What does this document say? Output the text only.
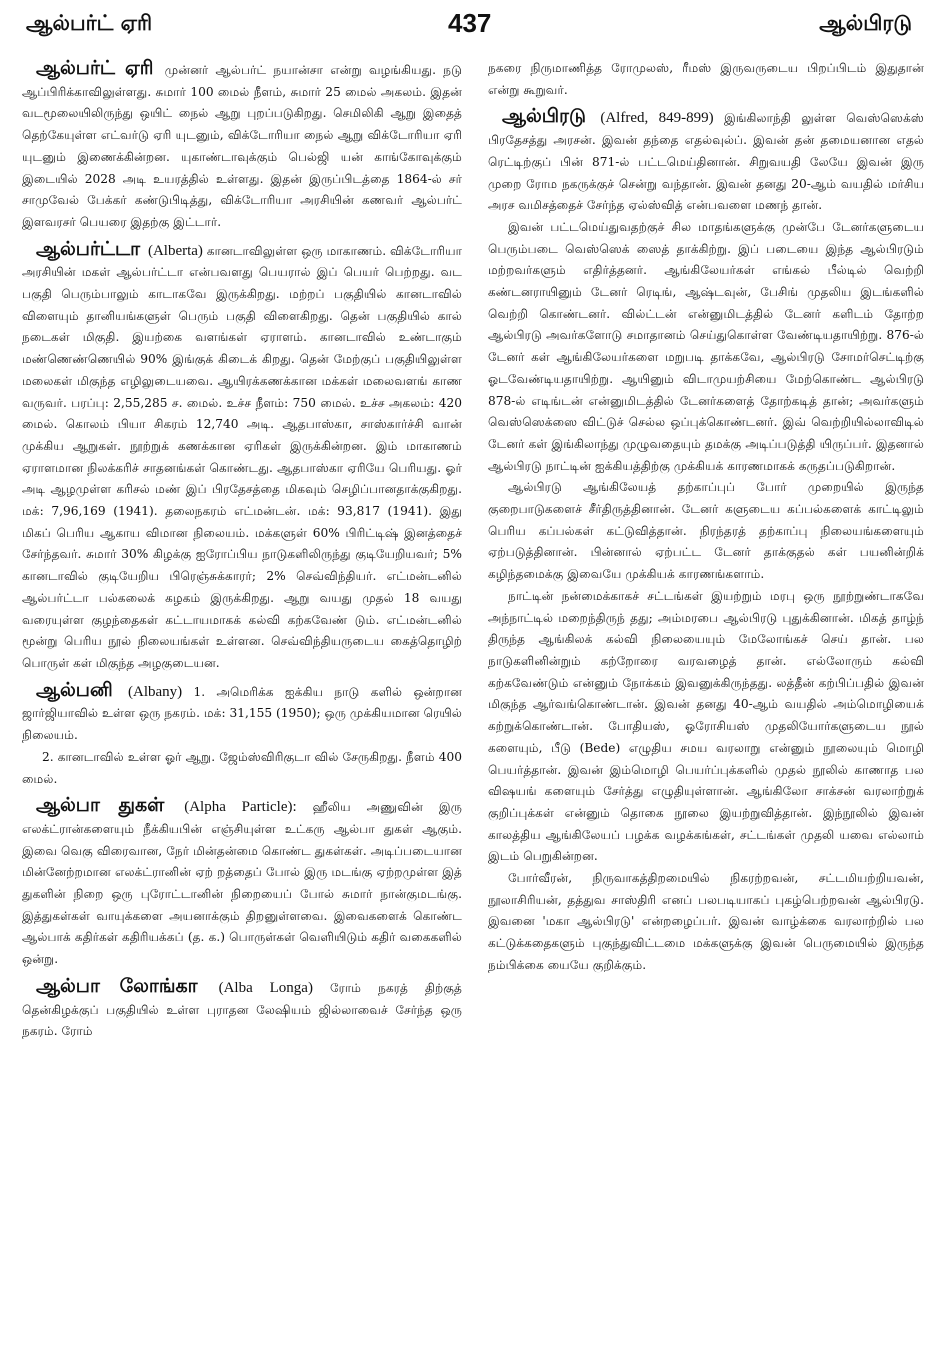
ஆல்பர்ட் ஏரி	437	ஆல்பிரடு

ஆல்பர்ட் ஏரி முன்னர் ஆல்பர்ட் நயான்சா என்று வழங்கியது. நடு ஆப்பிரிக்காவிலுள்ளது. சுமார் 100 மைல் நீளம், சுமார் 25 மைல் அகலம். இதன் வடமூலையிலிருந்து ஒயிட் நைல் ஆறு புறப்படுகிறது. செமிலிகி ஆறு இதைத் தெற்கேயுள்ள எட்வர்டு ஏரி யுடனும், விக்டோரியா நைல் ஆறு விக்டோரியா ஏரி யுடனும் இணைக்கின்றன. யுகாண்டாவுக்கும் பெல்ஜி யன் காங்கோவுக்கும் இடையில் 2028 அடி உயரத்தில் உள்ளது. இதன் இருப்பிடத்தை 1864-ல் சர் சாமுவேல் பேக்கர் கண்டுபிடித்து, விக்டோரியா அரசியின் கணவர் ஆல்பர்ட் இளவரசர் பெயரை இதற்கு இட்டார்.

ஆல்பர்ட்டா (Alberta) கானடாவிலுள்ள ஒரு மாகாணம். விக்டோரியா அரசியின் மகள் ஆல்பர்ட்டா என்பவளது பெயரால் இப் பெயர் பெற்றது. வட பகுதி பெரும்பாலும் காடாகவே இருக்கிறது. மற்றப் பகுதியில் கானடாவில் விளையும் தானியங்களுள் பெரும் பகுதி விளைகிறது. தென் பகுதியில் கால் நடைகள் மிகுதி. இயற்கை வளங்கள் ஏராளம். கானடாவில் உண்டாகும் மண்ணெண்ணெயில் 90% இங்குக் கிடைக் கிறது. தென் மேற்குப் பகுதியிலுள்ள மலைகள் மிகுந்த எழிலுடையவை. ஆயிரக்கணக்கான மக்கள் மலைவளங் காண வருவர். பரப்பு: 2,55,285 ச. மைல். உச்ச நீளம்: 750 மைல். உச்ச அகலம்: 420 மைல். கொலம் பியா சிகரம் 12,740 அடி. ஆதபாஸ்கா, சாஸ்கார்ச்சி வான் முக்கிய ஆறுகள். நூற்றுக் கணக்கான ஏரிகள் இருக்கின்றன. இம் மாகாணம் ஏராளமான நிலக்கரிச் சாதனங்கள் கொண்டது. ஆதபாஸ்கா ஏரியே பெரியது. ஓர் அடி ஆழமுள்ள கரிசல் மண் இப் பிரதேசத்தை மிகவும் செழிப்பானதாக்குகிறது. மக்: 7,96,169 (1941). தலைநகரம் எட்மன்டன். மக்: 93,817 (1941). இது மிகப் பெரிய ஆகாய விமான நிலையம். மக்களுள் 60% பிரிட்டிஷ் இனத்தைச் சேர்ந்தவர். சுமார் 30% கிழக்கு ஐரோப்பிய நாடுகளிலிருந்து குடியேறியவர்; 5% கானடாவில் குடியேறிய பிரெஞ்சுக்காரர்; 2% செவ்விந்தியர். எட்மன்டனில் ஆல்பர்ட்டா பல்கலைக் கழகம் இருக்கிறது. ஆறு வயது முதல் 18 வயது வரையுள்ள குழந்தைகள் கட்டாயமாகக் கல்வி கற்கவேண் டும். எட்மன்டனில் மூன்று பெரிய நூல் நிலையங்கள் உள்ளன. செவ்விந்தியருடைய கைத்தொழிற் பொருள் கள் மிகுந்த அழகுடையன.

ஆல்பனி (Albany) 1. அமெரிக்க ஐக்கிய நாடு களில் ஒன்றான ஜார்ஜியாவில் உள்ள ஒரு நகரம். மக்: 31,155 (1950); ஒரு முக்கியமான ரெயில் நிலையம்.

2. கானடாவில் உள்ள ஓர் ஆறு. ஜேம்ஸ்விரிகுடா வில் சேருகிறது. நீளம் 400 மைல்.

ஆல்பா துகள் (Alpha Particle): ஹீலிய அணுவின் இரு எலக்ட்ரான்களையும் நீக்கியபின் எஞ்சியுள்ள உட்கரு ஆல்பா துகள் ஆகும். இவை வெகு விரைவான, நேர் மின்தன்மை கொண்ட துகள்கள். அடிப்படையான மின்னேற்றமான எலக்ட்ரானின் ஏற் றத்தைப் போல் இரு மடங்கு ஏற்றமுள்ள இத் துகளின் நிறை ஒரு புரோட்டானின் நிறையைப் போல் சுமார் நான்குமடங்கு. இத்துகள்கள் வாயுக்களை அயனாக்கும் திறனுள்ளவை. இவைகளைக் கொண்ட ஆல்பாக் கதிர்கள் கதிரியக்கப் (த. க.) பொருள்கள் வெளியிடும் கதிர் வகைகளில் ஒன்று.

ஆல்பா லோங்கா (Alba Longa) ரோம் நகரத் திற்குத் தென்கிழக்குப் பகுதியில் உள்ள புராதன லேஷியம் ஜில்லாவைச் சேர்ந்த ஒரு நகரம். ரோம்

நகரை நிருமாணித்த ரோமுலஸ், ரீமஸ் இருவருடைய பிறப்பிடம் இதுதான் என்று கூறுவர்.

ஆல்பிரடு (Alfred, 849-899) இங்கிலாந்தி லுள்ள வெஸ்ஸெக்ஸ் பிரதேசத்து அரசன். இவன் தந்தை எதல்வுல்ப். இவன் தன் தமையனான எதல் ரெட்டிற்குப் பின் 871-ல் பட்டமெய்தினான். சிறுவயதி லேயே இவன் இரு முறை ரோம நகருக்குச் சென்று வந்தான். இவன் தனது 20-ஆம் வயதில் மர்சிய அரச வமிசத்தைச் சேர்ந்த ஏல்ஸ்வித் என்பவளை மணந் தான்.

இவன் பட்டமெய்துவதற்குச் சில மாதங்களுக்கு முன்பே டேனர்களுடைய பெரும்படை வெஸ்ஸெக் ஸைத் தாக்கிற்று. இப் படையை இந்த ஆல்பிரடும் மற்றவர்களும் எதிர்த்தனர். ஆங்கிலேயர்கள் எங்கல் பீல்டில் வெற்றி கண்டனராயினும் டேனர் ரெடிங், ஆஷ்டவுன், பேசிங் முதலிய இடங்களில் வெற்றி கொண்டனர். வில்ட்டன் என்னுமிடத்தில் டேனர் களிடம் தோற்ற ஆல்பிரடு அவர்களோடு சமாதானம் செய்துகொள்ள வேண்டியதாயிற்று. 876-ல் டேனர் கள் ஆங்கிலேயர்களை மறுபடி தாக்கவே, ஆல்பிரடு சோமர்செட்டிற்கு ஓடவேண்டியதாயிற்று. ஆயினும் விடாமுயற்சியை மேற்கொண்ட ஆல்பிரடு 878-ல் எடிங்டன் என்னுமிடத்தில் டேனர்களைத் தோற்கடித் தான்; அவர்களும் வெஸ்ஸெக்ஸை விட்டுச் செல்ல ஒப்புக்கொண்டனர். இவ் வெற்றியில்லாவிடில் டேனர் கள் இங்கிலாந்து முழுவதையும் தமக்கு அடிப்படுத்தி யிருப்பர். இதனால் ஆல்பிரடு நாட்டின் ஐக்கியத்திற்கு முக்கியக் காரணமாகக் கருதப்படுகிறான்.

ஆல்பிரடு ஆங்கிலேயத் தற்காப்புப் போர் முறையில் இருந்த குறைபாடுகளைச் சீர்திருத்தினான். டேனர் களுடைய கப்பல்களைக் காட்டிலும் பெரிய கப்பல்கள் கட்டுவித்தான். நிரந்தரத் தற்காப்பு நிலையங்களையும் ஏற்படுத்தினான். பின்னால் ஏற்பட்ட டேனர் தாக்குதல் கள் பயனின்றிக் கழிந்தமைக்கு இவையே முக்கியக் காரணங்களாம்.

நாட்டின் நன்மைக்காகச் சட்டங்கள் இயற்றும் மரபு ஒரு நூற்றுண்டாகவே அந்நாட்டில் மறைந்திருந் தது; அம்மரபை ஆல்பிரடு புதுக்கினான். மிகத் தாழ்ந் திருந்த ஆங்கிலக் கல்வி நிலையையும் மேலோங்கச் செய் தான். பல நாடுகளினின்றும் கற்றோரை வரவழைத் தான். எல்லோரும் கல்வி கற்கவேண்டும் என்னும் நோக்கம் இவனுக்கிருந்தது. லத்தீன் கற்பிப்பதில் இவன் மிகுந்த ஆர்வங்கொண்டான். இவன் தனது 40-ஆம் வயதில் அம்மொழியைக் கற்றுக்கொண்டான். போதியஸ், ஓரோசியஸ் முதலியோர்களுடைய நூல் களையும், பீடு (Bede) எழுதிய சமய வரலாறு என்னும் நூலையும் மொழி பெயர்த்தான். இவன் இம்மொழி பெயர்ப்புக்களில் முதல் நூலில் காணாத பல விஷயங் களையும் சேர்த்து எழுதியுள்ளான். ஆங்கிலோ சாக்சன் வரலாற்றுக் குறிப்புக்கள் என்னும் தொகை நூலை இயற்றுவித்தான். இந்நூலில் இவன் காலத்திய ஆங்கிலேயப் பழக்க வழக்கங்கள், சட்டங்கள் முதலி யவை எல்லாம் இடம் பெறுகின்றன.

போர்வீரன், நிருவாகத்திறமையில் நிகரற்றவன், சட்டமியற்றியவன், நூலாசிரியன், தத்துவ சாஸ்திரி எனப் பலபடியாகப் புகழ்பெற்றவன் ஆல்பிரடு. இவனை 'மகா ஆல்பிரடு' என்றழைப்பர். இவன் வாழ்க்கை வரலாற்றில் பல கட்டுக்கதைகளும் புகுந்துவிட்டமை மக்களுக்கு இவன் பெருமையில் இருந்த நம்பிக்கை யையே குறிக்கும்.
